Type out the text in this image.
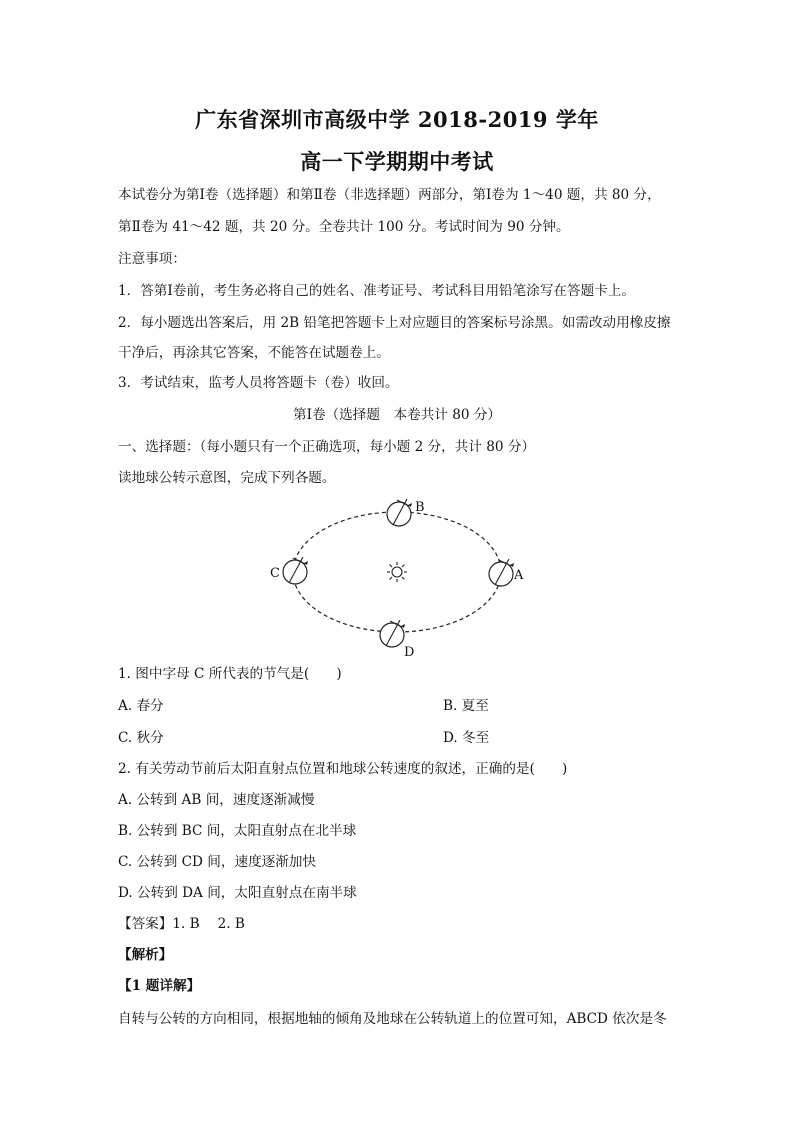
广东省深圳市高级中学 2018-2019 学年
高一下学期期中考试
本试卷分为第Ⅰ卷（选择题）和第Ⅱ卷（非选择题）两部分，第Ⅰ卷为 1～40 题，共 80 分，
第Ⅱ卷为 41～42 题，共 20 分。全卷共计 100 分。考试时间为 90 分钟。
注意事项：
1．答第Ⅰ卷前，考生务必将自己的姓名、准考证号、考试科目用铅笔涂写在答题卡上。
2．每小题选出答案后，用 2B 铅笔把答题卡上对应题目的答案标号涂黑。如需改动用橡皮擦
干净后，再涂其它答案，不能答在试题卷上。
3．考试结束，监考人员将答题卡（卷）收回。
第Ⅰ卷（选择题　本卷共计 80 分）
一、选择题：（每小题只有一个正确选项，每小题 2 分，共计 80 分）
读地球公转示意图，完成下列各题。
B
A
C
D
1. 图中字母 C 所代表的节气是(　　)
A. 春分	B. 夏至
C. 秋分	D. 冬至
2. 有关劳动节前后太阳直射点位置和地球公转速度的叙述，正确的是(　　)
A. 公转到 AB 间，速度逐渐减慢
B. 公转到 BC 间，太阳直射点在北半球
C. 公转到 CD 间，速度逐渐加快
D. 公转到 DA 间，太阳直射点在南半球
【答案】1. B　 2. B
【解析】
【1 题详解】
自转与公转的方向相同，根据地轴的倾角及地球在公转轨道上的位置可知，ABCD 依次是冬
